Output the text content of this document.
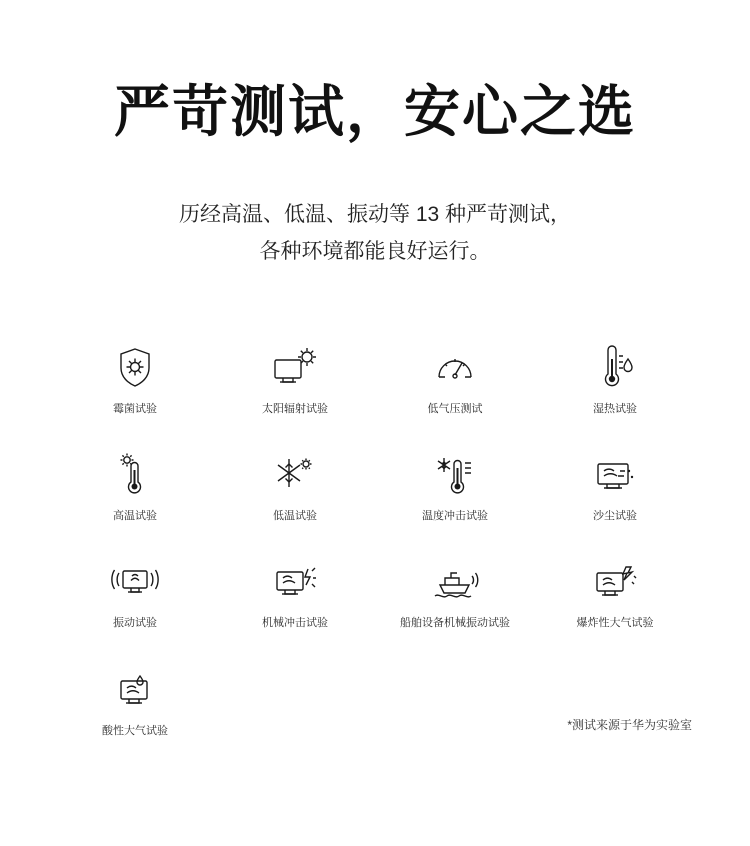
严苛测试，安心之选

历经高温、低温、振动等 13 种严苛测试，
各种环境都能良好运行。

霉菌试验	太阳辐射试验	低气压测试	湿热试验
高温试验	低温试验	温度冲击试验	沙尘试验
振动试验	机械冲击试验	船舶设备机械振动试验	爆炸性大气试验
酸性大气试验	*测试来源于华为实验室
